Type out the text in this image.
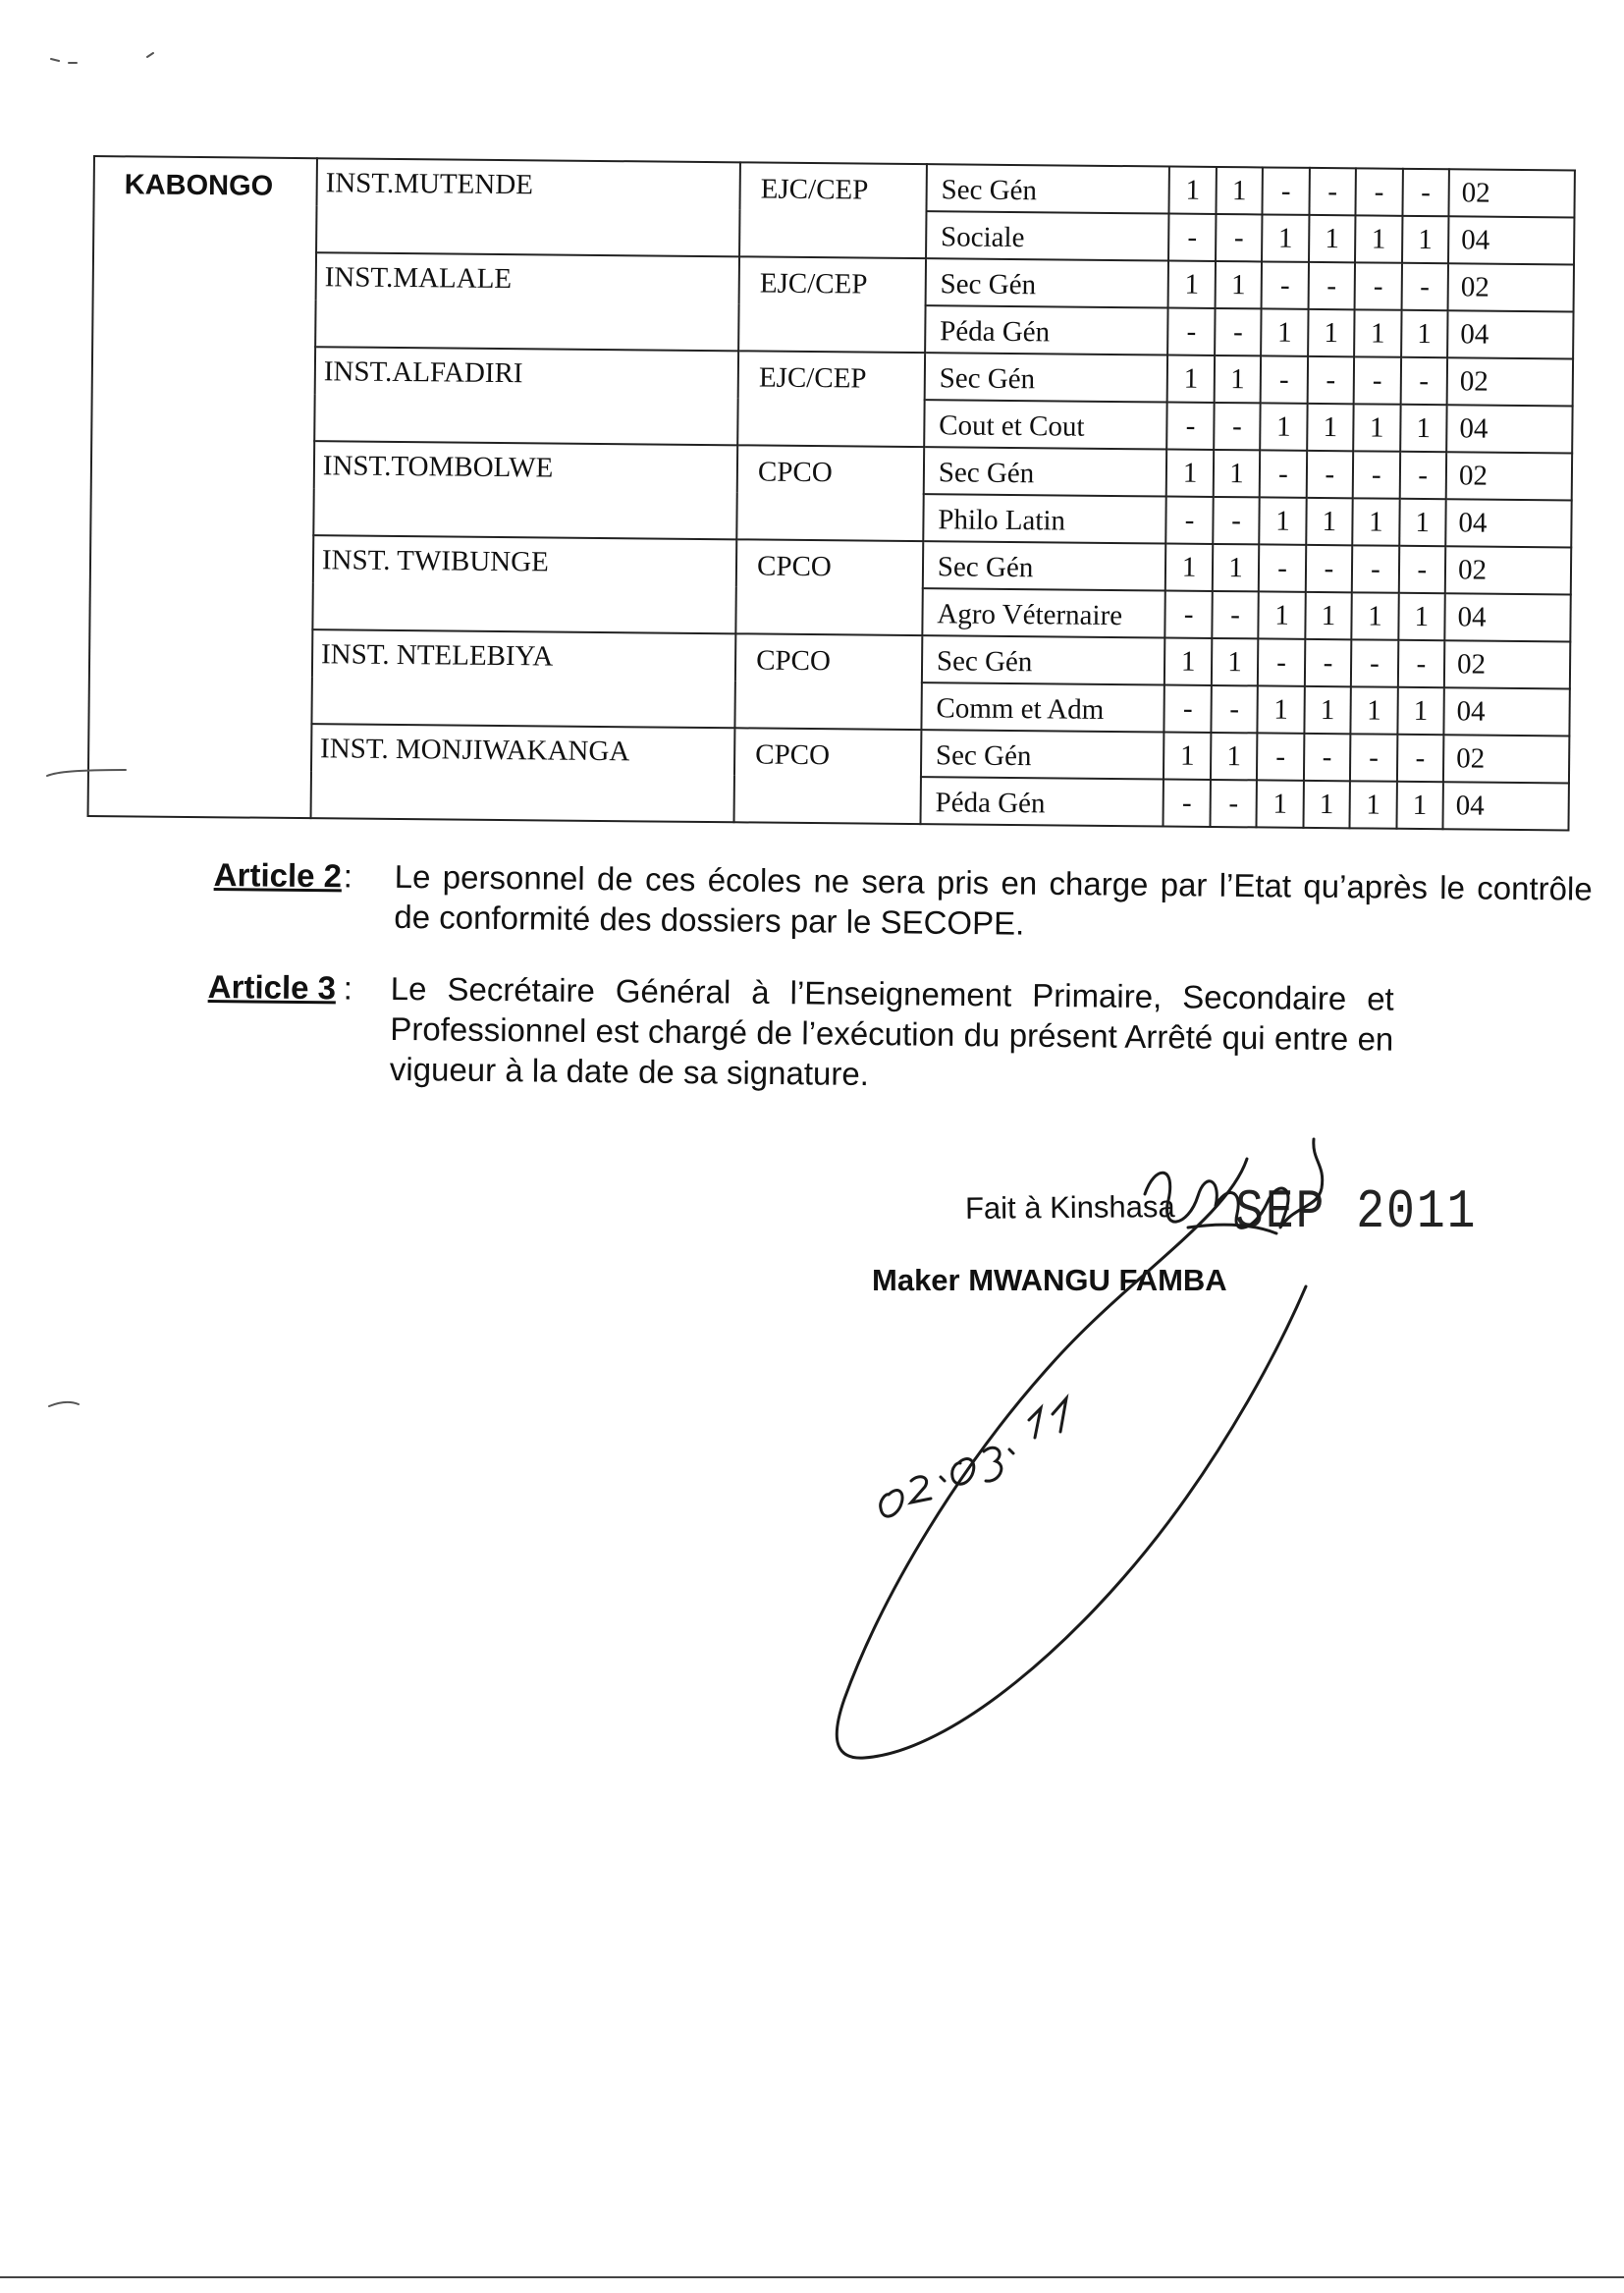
KABONGO	INST.MUTENDE	EJC/CEP	Sec Gén	1	1	-	-	-	-	02
			Sociale	-	-	1	1	1	1	04
	INST.MALALE	EJC/CEP	Sec Gén	1	1	-	-	-	-	02
			Péda Gén	-	-	1	1	1	1	04
	INST.ALFADIRI	EJC/CEP	Sec Gén	1	1	-	-	-	-	02
			Cout et Cout	-	-	1	1	1	1	04
	INST.TOMBOLWE	CPCO	Sec Gén	1	1	-	-	-	-	02
			Philo Latin	-	-	1	1	1	1	04
	INST. TWIBUNGE	CPCO	Sec Gén	1	1	-	-	-	-	02
			Agro Véternaire	-	-	1	1	1	1	04
	INST. NTELEBIYA	CPCO	Sec Gén	1	1	-	-	-	-	02
			Comm et Adm	-	-	1	1	1	1	04
	INST. MONJIWAKANGA	CPCO	Sec Gén	1	1	-	-	-	-	02
			Péda Gén	-	-	1	1	1	1	04
Article 2 : Le personnel de ces écoles ne sera pris en charge par l’Etat qu’après le contrôle de conformité des dossiers par le SECOPE.
Article 3 : Le Secrétaire Général à l’Enseignement Primaire, Secondaire et Professionnel est chargé de l’exécution du présent Arrêté qui entre en vigueur à la date de sa signature.
Fait à Kinshasa SEP 2011
Maker MWANGU FAMBA
